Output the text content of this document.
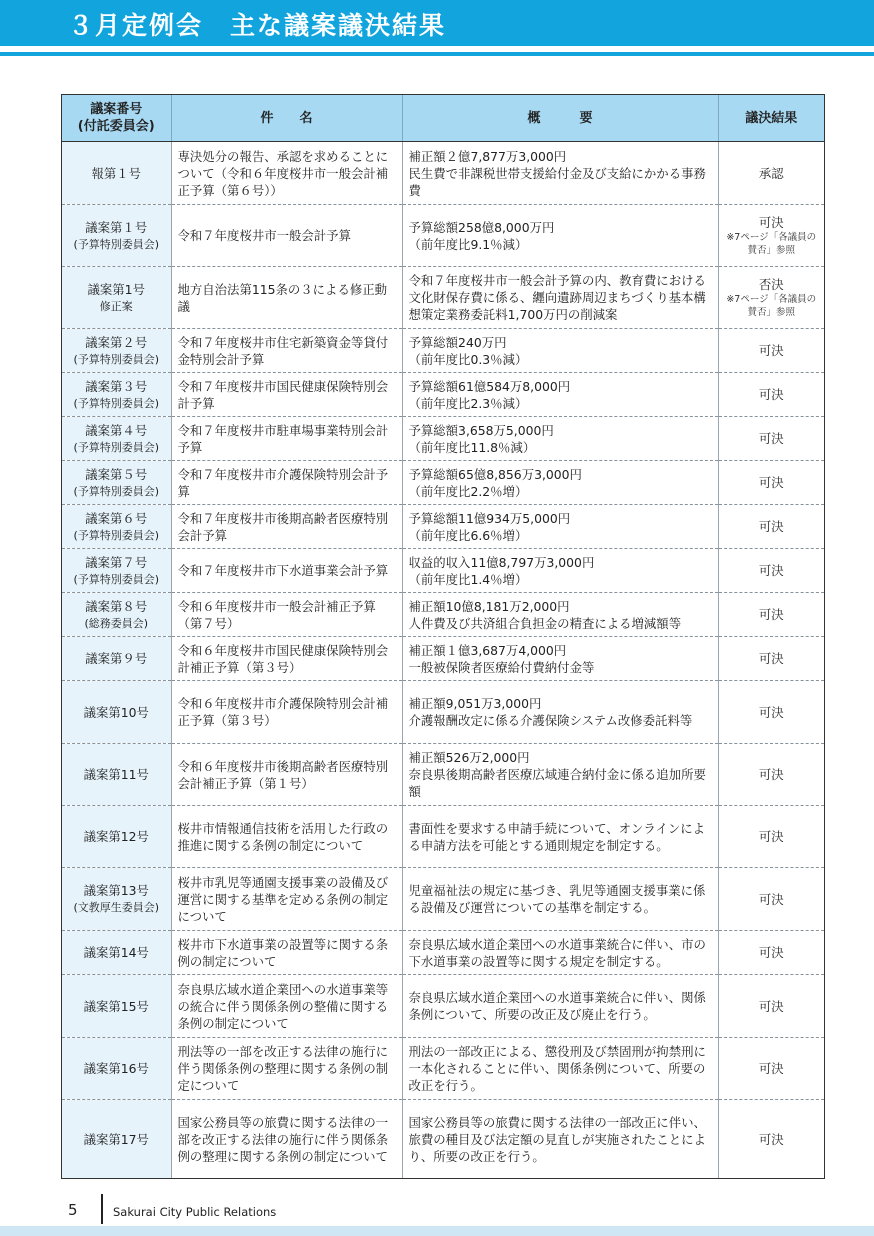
３月定例会　主な議案議決結果
議案番号
(付託委員会)	件　　名	概　　　要	議決結果

報第１号	専決処分の報告、承認を求めることについて（令和６年度桜井市一般会計補正予算（第６号））	補正額２億7,877万3,000円
民生費で非課税世帯支援給付金及び支給にかかる事務費	承認

議案第１号
(予算特別委員会)	令和７年度桜井市一般会計予算	予算総額258億8,000万円
（前年度比9.1％減）	可決
※7ページ「各議員の賛否」参照

議案第1号
修正案	地方自治法第115条の３による修正動議	令和７年度桜井市一般会計予算の内、教育費における文化財保存費に係る、纒向遺跡周辺まちづくり基本構想策定業務委託料1,700万円の削減案	否決
※7ページ「各議員の賛否」参照

議案第２号
(予算特別委員会)	令和７年度桜井市住宅新築資金等貸付金特別会計予算	予算総額240万円
（前年度比0.3％減）	可決

議案第３号
(予算特別委員会)	令和７年度桜井市国民健康保険特別会計予算	予算総額61億584万8,000円
（前年度比2.3％減）	可決

議案第４号
(予算特別委員会)	令和７年度桜井市駐車場事業特別会計予算	予算総額3,658万5,000円
（前年度比11.8％減）	可決

議案第５号
(予算特別委員会)	令和７年度桜井市介護保険特別会計予算	予算総額65億8,856万3,000円
（前年度比2.2％増）	可決

議案第６号
(予算特別委員会)	令和７年度桜井市後期高齢者医療特別会計予算	予算総額11億934万5,000円
（前年度比6.6％増）	可決

議案第７号
(予算特別委員会)	令和７年度桜井市下水道事業会計予算	収益的収入11億8,797万3,000円
（前年度比1.4％増）	可決

議案第８号
(総務委員会)	令和６年度桜井市一般会計補正予算（第７号）	補正額10億8,181万2,000円
人件費及び共済組合負担金の精査による増減額等	可決

議案第９号	令和６年度桜井市国民健康保険特別会計補正予算（第３号）	補正額１億3,687万4,000円
一般被保険者医療給付費納付金等	可決

議案第10号	令和６年度桜井市介護保険特別会計補正予算（第３号）	補正額9,051万3,000円
介護報酬改定に係る介護保険システム改修委託料等	可決

議案第11号	令和６年度桜井市後期高齢者医療特別会計補正予算（第１号）	補正額526万2,000円
奈良県後期高齢者医療広域連合納付金に係る追加所要額	可決

議案第12号	桜井市情報通信技術を活用した行政の推進に関する条例の制定について	書面性を要求する申請手続について、オンラインによる申請方法を可能とする通則規定を制定する。	可決

議案第13号
(文教厚生委員会)	桜井市乳児等通園支援事業の設備及び運営に関する基準を定める条例の制定について	児童福祉法の規定に基づき、乳児等通園支援事業に係る設備及び運営についての基準を制定する。	可決

議案第14号	桜井市下水道事業の設置等に関する条例の制定について	奈良県広域水道企業団への水道事業統合に伴い、市の下水道事業の設置等に関する規定を制定する。	可決

議案第15号	奈良県広域水道企業団への水道事業等の統合に伴う関係条例の整備に関する条例の制定について	奈良県広域水道企業団への水道事業統合に伴い、関係条例について、所要の改正及び廃止を行う。	可決

議案第16号	刑法等の一部を改正する法律の施行に伴う関係条例の整理に関する条例の制定について	刑法の一部改正による、懲役刑及び禁固刑が拘禁刑に一本化されることに伴い、関係条例について、所要の改正を行う。	可決

議案第17号	国家公務員等の旅費に関する法律の一部を改正する法律の施行に伴う関係条例の整理に関する条例の制定について	国家公務員等の旅費に関する法律の一部改正に伴い、旅費の種目及び法定額の見直しが実施されたことにより、所要の改正を行う。	可決
5	Sakurai City Public Relations
